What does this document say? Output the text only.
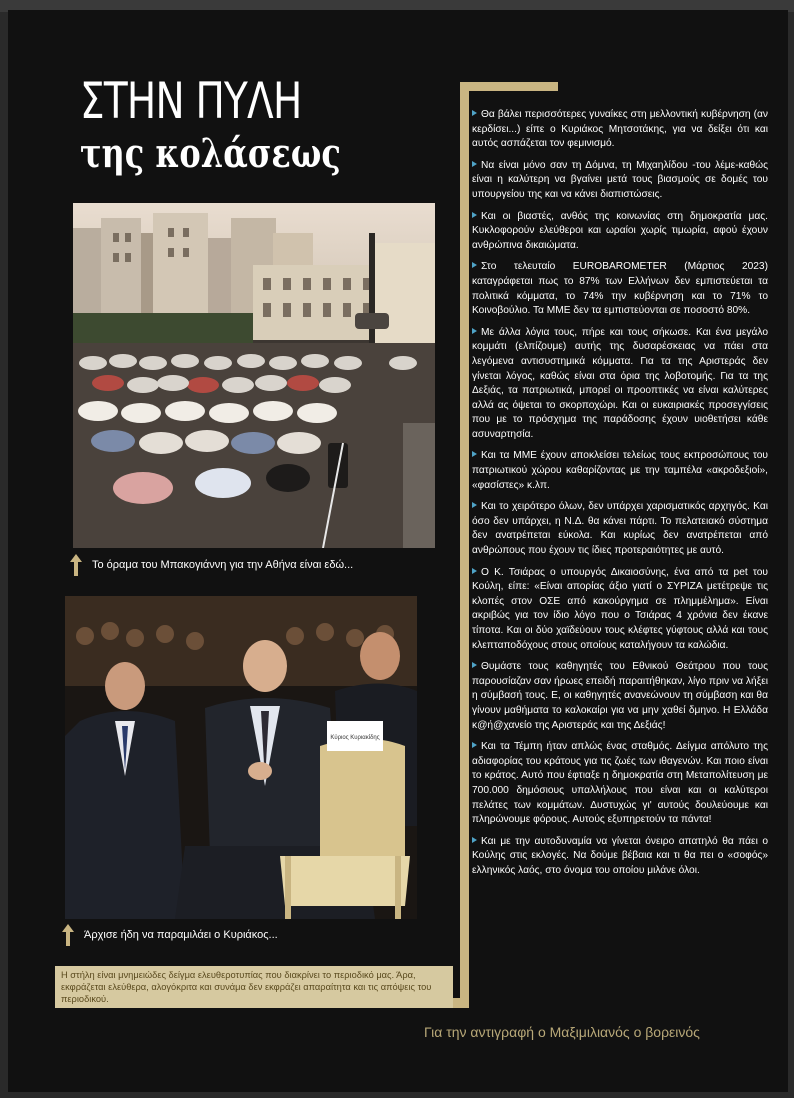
ΣΤΗΝ ΠΥΛΗ
της κολάσεως
Το όραμα του Μπακογιάννη για την Αθήνα είναι εδώ...
Κύριος Κυριακίδης
Άρχισε ήδη να παραμιλάει ο Κυριάκος...
Η στήλη είναι μνημειώδες δείγμα ελευθεροτυπίας που διακρίνει το περιοδικό μας. Άρα, εκφράζεται ελεύθερα, αλογόκριτα και συνάμα δεν εκφράζει απαραίτητα και τις απόψεις του περιοδικού.

Θα βάλει περισσότερες γυναίκες στη μελλοντική κυβέρνηση (αν κερδίσει...) είπε ο Κυριάκος Μητσοτάκης, για να δείξει ότι και αυτός ασπάζεται τον φεμινισμό.

Να είναι μόνο σαν τη Δόμνα, τη Μιχαηλίδου -του λέμε-καθώς είναι η καλύτερη να βγαίνει μετά τους βιασμούς σε δομές του υπουργείου της και να κάνει διαπιστώσεις.

Και οι βιαστές, ανθός της κοινωνίας στη δημοκρατία μας. Κυκλοφορούν ελεύθεροι και ωραίοι χωρίς τιμωρία, αφού έχουν ανθρώπινα δικαιώματα.

Στο τελευταίο EUROBAROMETER (Μάρτιος 2023) καταγράφεται πως το 87% των Ελλήνων δεν εμπιστεύεται τα πολιτικά κόμματα, το 74% την κυβέρνηση και το 71% το Κοινοβούλιο. Τα ΜΜΕ δεν τα εμπιστεύονται σε ποσοστό 80%.

Με άλλα λόγια τους, πήρε και τους σήκωσε. Και ένα μεγάλο κομμάτι (ελπίζουμε) αυτής της δυσαρέσκειας να πάει στα λεγόμενα αντισυστημικά κόμματα. Για τα της Αριστεράς δεν γίνεται λόγος, καθώς είναι στα όρια της λοβοτομής. Για τα της Δεξιάς, τα πατριωτικά, μπορεί οι προοπτικές να είναι καλύτερες αλλά ας όψεται το σκορποχώρι. Και οι ευκαιριακές προσεγγίσεις που με το πρόσχημα της παράδοσης έχουν υιοθετήσει κάθε ασυναρτησία.

Και τα ΜΜΕ έχουν αποκλείσει τελείως τους εκπροσώπους του πατριωτικού χώρου καθαρίζοντας με την ταμπέλα «ακροδεξιοί», «φασίστες» κ.λπ.

Και το χειρότερο όλων, δεν υπάρχει χαρισματικός αρχηγός. Και όσο δεν υπάρχει, η Ν.Δ. θα κάνει πάρτι. Το πελατειακό σύστημα δεν ανατρέπεται εύκολα. Και κυρίως δεν ανατρέπεται από ανθρώπους που έχουν τις ίδιες προτεραιότητες με αυτό.

Ο Κ. Τσιάρας ο υπουργός Δικαιοσύνης, ένα από τα pet του Κούλη, είπε: «Είναι απορίας άξιο γιατί ο ΣΥΡΙΖΑ μετέτρεψε τις κλοπές στον ΟΣΕ από κακούργημα σε πλημμέλημα». Είναι ακριβώς για τον ίδιο λόγο που ο Τσιάρας 4 χρόνια δεν έκανε τίποτα. Και οι δύο χαϊδεύουν τους κλέφτες γύφτους αλλά και τους κλεπταποδόχους στους οποίους καταλήγουν τα καλώδια.

Θυμάστε τους καθηγητές του Εθνικού Θεάτρου που τους παρουσίαζαν σαν ήρωες επειδή παραιτήθηκαν, λίγο πριν να λήξει η σύμβασή τους. Ε, οι καθηγητές ανανεώνουν τη σύμβαση και θα γίνουν μαθήματα το καλοκαίρι για να μην χαθεί δμηνο. Η Ελλάδα κ@ή@χανείο της Αριστεράς και της Δεξιάς!

Και τα Τέμπη ήταν απλώς ένας σταθμός. Δείγμα απόλυτο της αδιαφορίας του κράτους για τις ζωές των ιθαγενών. Και ποιο είναι το κράτος. Αυτό που έφτιαξε η δημοκρατία στη Μεταπολίτευση με 700.000 δημόσιους υπαλλήλους που είναι και οι καλύτεροι πελάτες των κομμάτων. Δυστυχώς γι' αυτούς δουλεύουμε και πληρώνουμε φόρους. Αυτούς εξυπηρετούν τα πάντα!

Και με την αυτοδυναμία να γίνεται όνειρο απατηλό θα πάει ο Κούλης στις εκλογές. Να δούμε βέβαια και τι θα πει ο «σοφός» ελληνικός λαός, στο όνομα του οποίου μιλάνε όλοι.

Για την αντιγραφή ο Μαξιμιλιανός ο βορεινός
